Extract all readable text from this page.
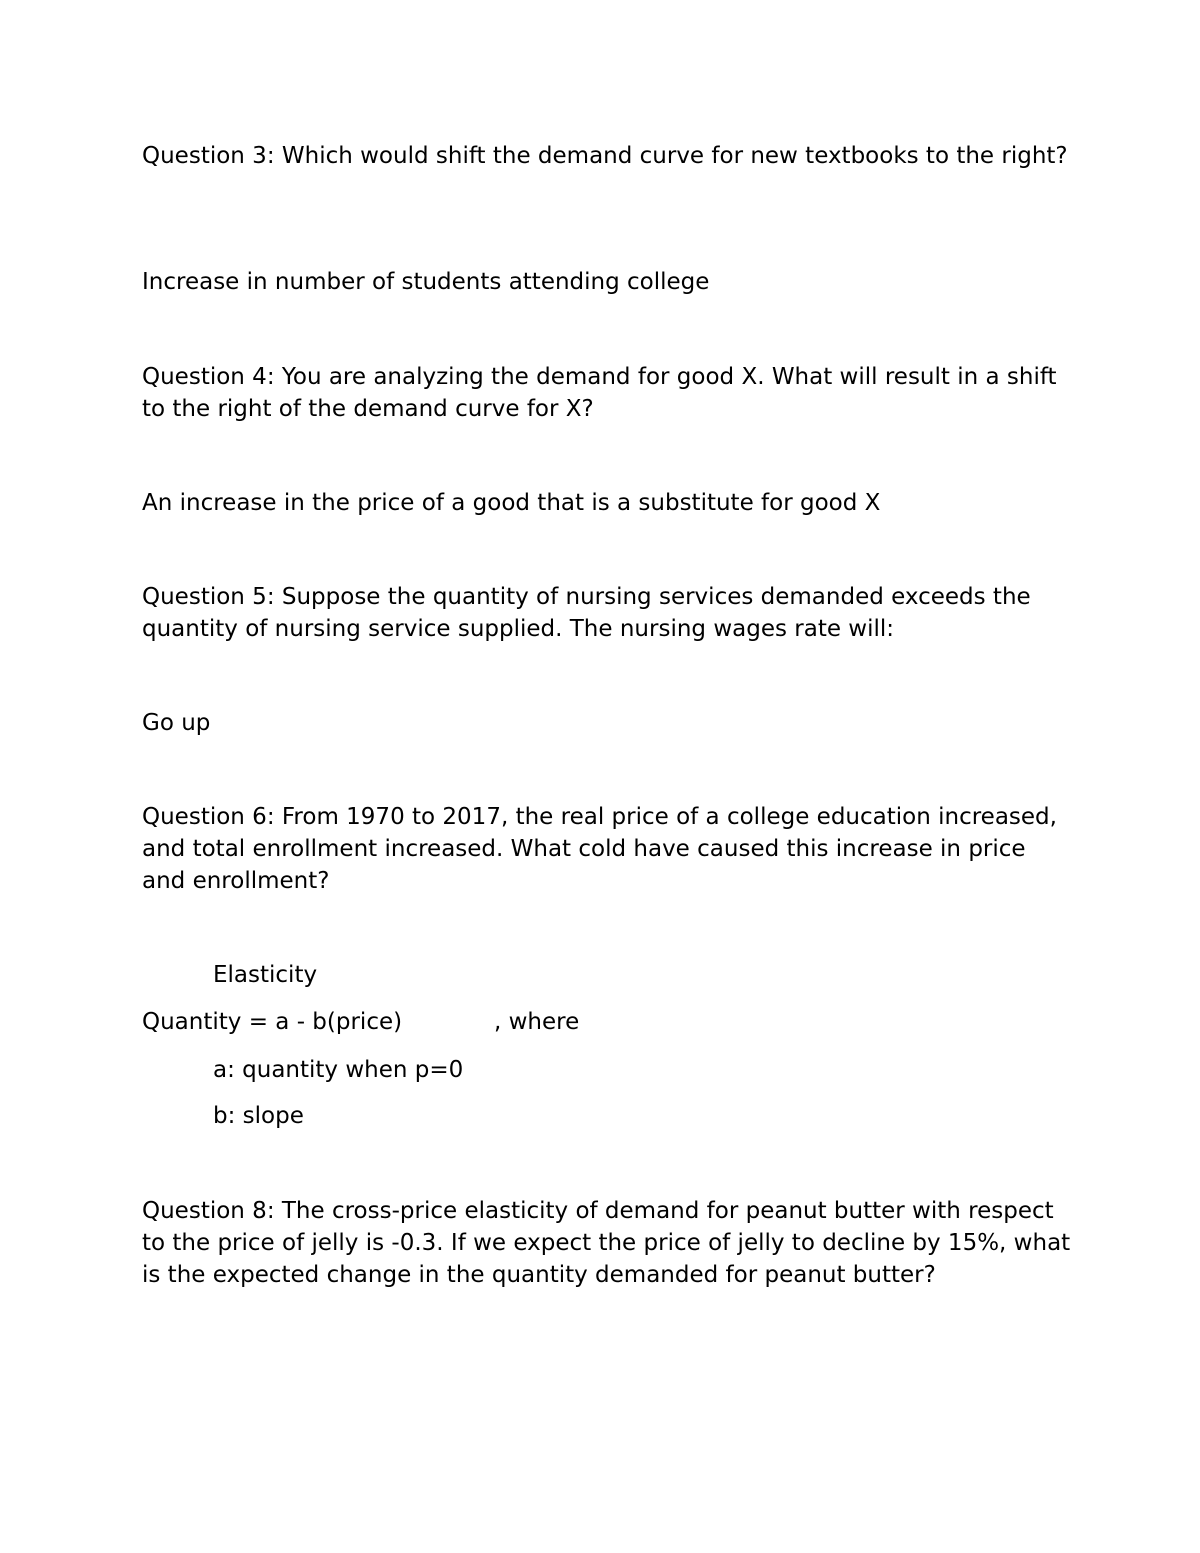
Question 3: Which would shift the demand curve for new textbooks to the right?

Increase in number of students attending college

Question 4: You are analyzing the demand for good X. What will result in a shift to the right of the demand curve for X?

An increase in the price of a good that is a substitute for good X

Question 5: Suppose the quantity of nursing services demanded exceeds the quantity of nursing service supplied. The nursing wages rate will:

Go up

Question 6: From 1970 to 2017, the real price of a college education increased, and total enrollment increased. What cold have caused this increase in price and enrollment?

Elasticity

Quantity = a - b(price)	, where

a: quantity when p=0

b: slope

Question 8: The cross-price elasticity of demand for peanut butter with respect to the price of jelly is -0.3. If we expect the price of jelly to decline by 15%, what is the expected change in the quantity demanded for peanut butter?
